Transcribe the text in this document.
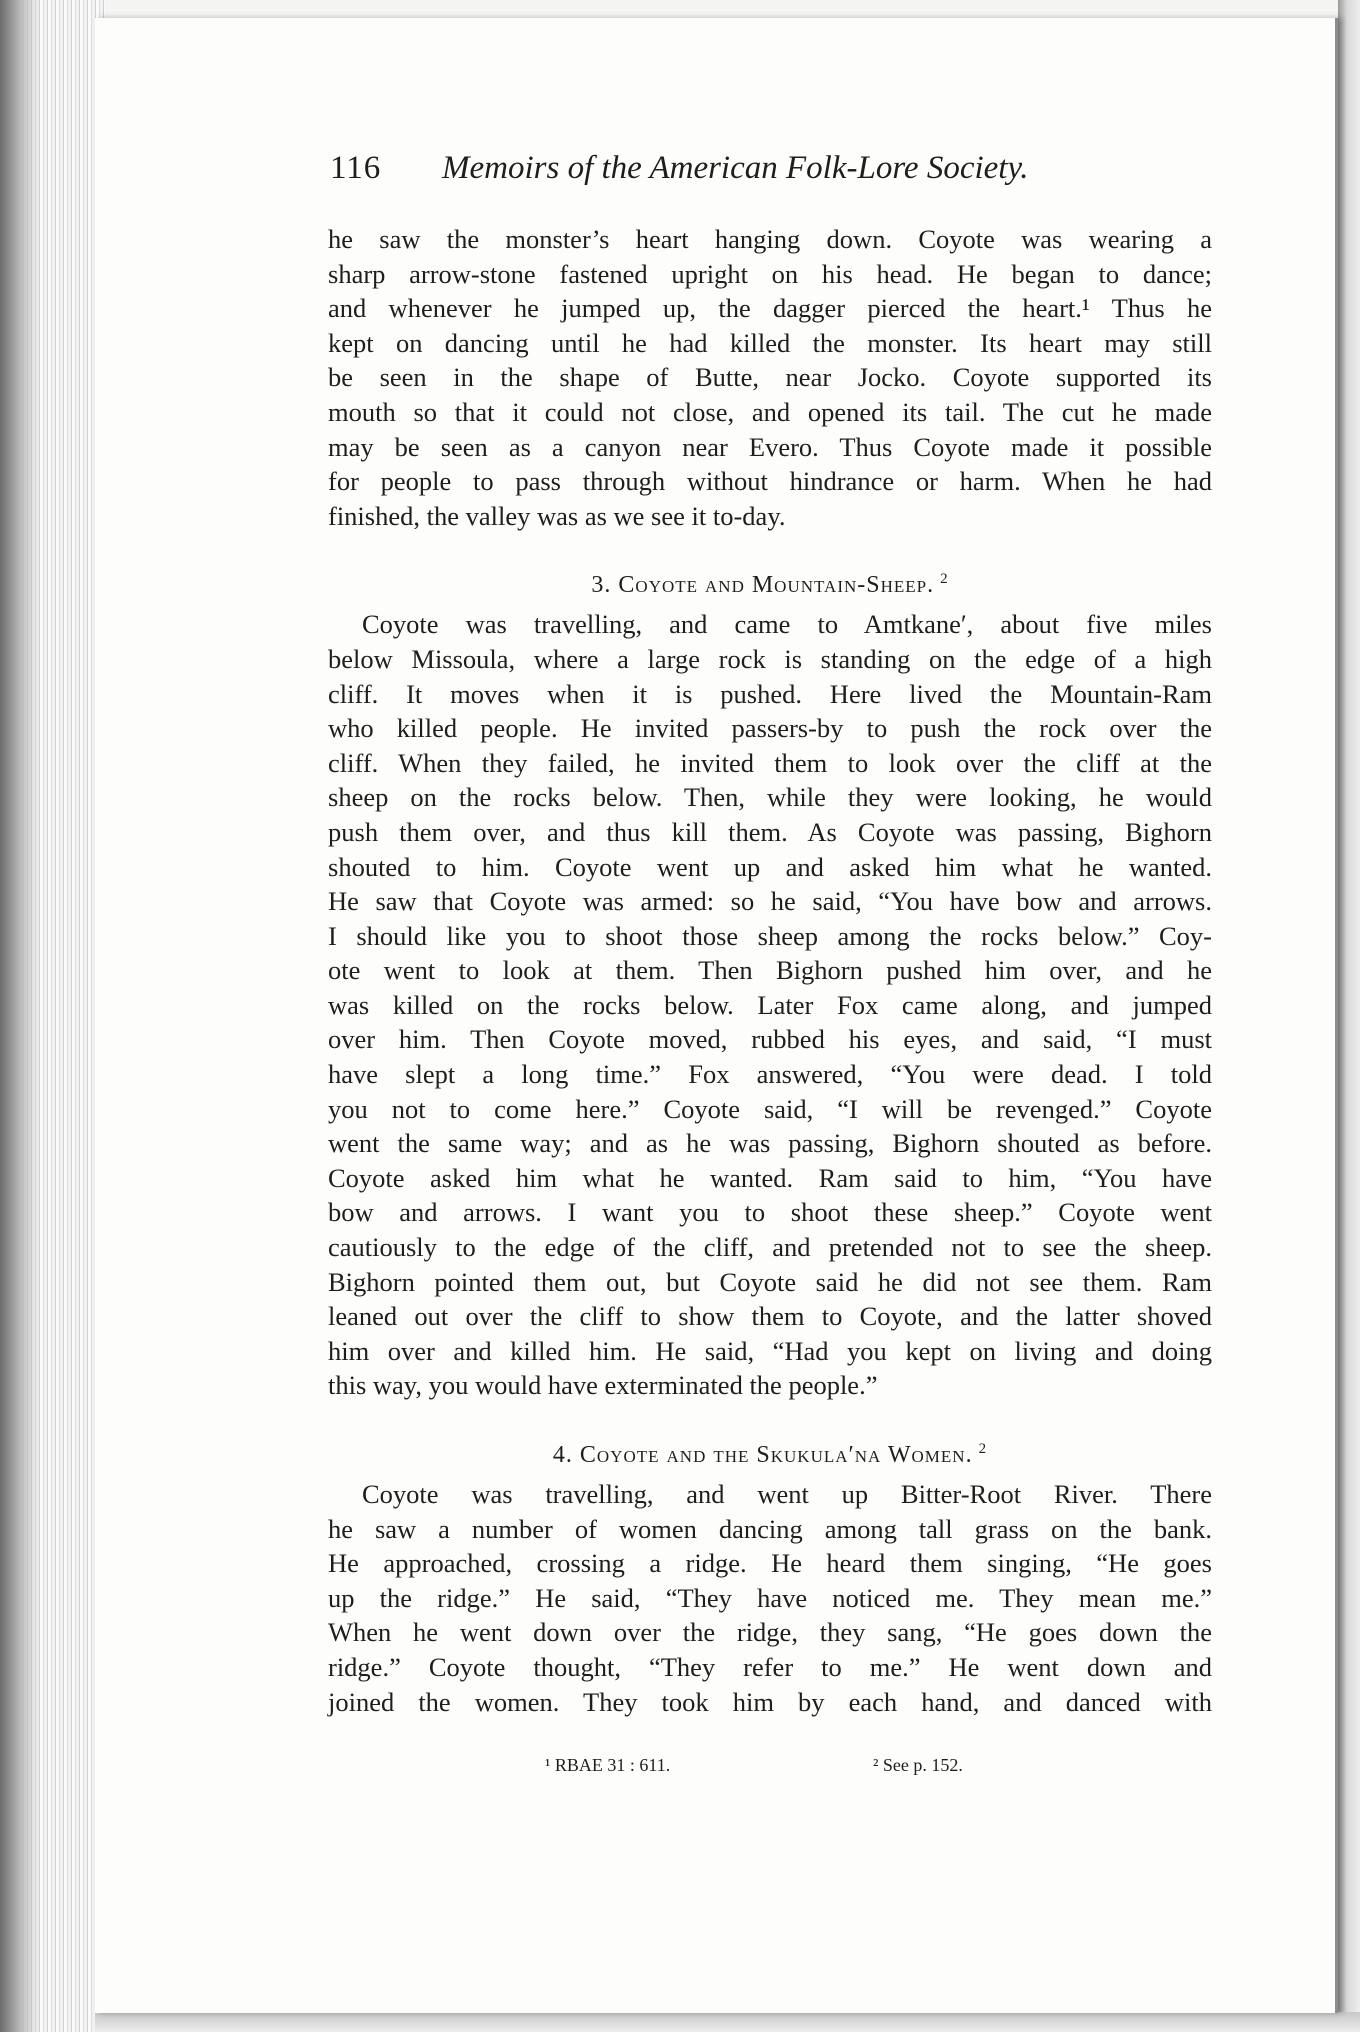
116 Memoirs of the American Folk-Lore Society.
he saw the monster’s heart hanging down. Coyote was wearing a
sharp arrow-stone fastened upright on his head. He began to dance;
and whenever he jumped up, the dagger pierced the heart.¹ Thus he
kept on dancing until he had killed the monster. Its heart may still
be seen in the shape of Butte, near Jocko. Coyote supported its
mouth so that it could not close, and opened its tail. The cut he made
may be seen as a canyon near Evero. Thus Coyote made it possible
for people to pass through without hindrance or harm. When he had
finished, the valley was as we see it to-day.
3. Coyote and Mountain-Sheep. $^2$
Coyote was travelling, and came to Amtkane′, about five miles
below Missoula, where a large rock is standing on the edge of a high
cliff. It moves when it is pushed. Here lived the Mountain-Ram
who killed people. He invited passers-by to push the rock over the
cliff. When they failed, he invited them to look over the cliff at the
sheep on the rocks below. Then, while they were looking, he would
push them over, and thus kill them. As Coyote was passing, Bighorn
shouted to him. Coyote went up and asked him what he wanted.
He saw that Coyote was armed: so he said, “You have bow and arrows.
I should like you to shoot those sheep among the rocks below.” Coy-
ote went to look at them. Then Bighorn pushed him over, and he
was killed on the rocks below. Later Fox came along, and jumped
over him. Then Coyote moved, rubbed his eyes, and said, “I must
have slept a long time.” Fox answered, “You were dead. I told
you not to come here.” Coyote said, “I will be revenged.” Coyote
went the same way; and as he was passing, Bighorn shouted as before.
Coyote asked him what he wanted. Ram said to him, “You have
bow and arrows. I want you to shoot these sheep.” Coyote went
cautiously to the edge of the cliff, and pretended not to see the sheep.
Bighorn pointed them out, but Coyote said he did not see them. Ram
leaned out over the cliff to show them to Coyote, and the latter shoved
him over and killed him. He said, “Had you kept on living and doing
this way, you would have exterminated the people.”
4. Coyote and the Skukula′na Women. $^2$
Coyote was travelling, and went up Bitter-Root River. There
he saw a number of women dancing among tall grass on the bank.
He approached, crossing a ridge. He heard them singing, “He goes
up the ridge.” He said, “They have noticed me. They mean me.”
When he went down over the ridge, they sang, “He goes down the
ridge.” Coyote thought, “They refer to me.” He went down and
joined the women. They took him by each hand, and danced with
¹ RBAE 31 : 611.	² See p. 152.
